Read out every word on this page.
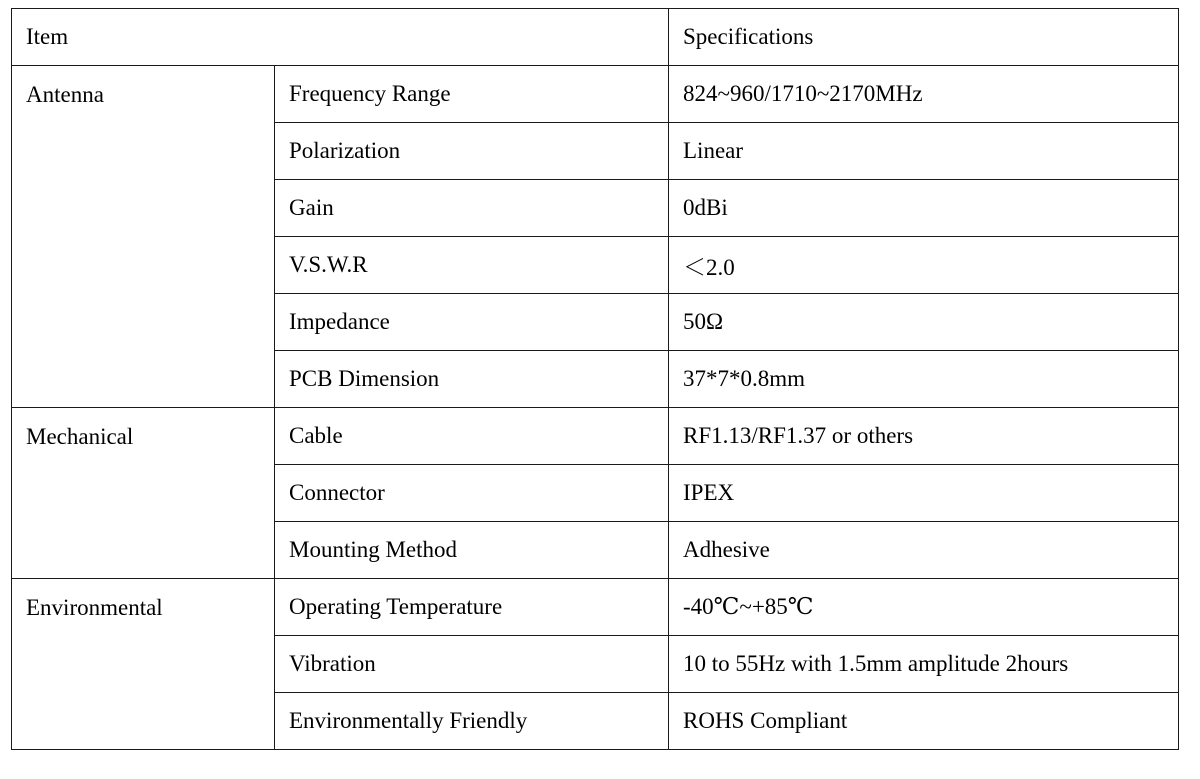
Item		Specifications
Antenna	Frequency Range	824~960/1710~2170MHz
	Polarization	Linear
	Gain	0dBi
	V.S.W.R	＜2.0
	Impedance	50Ω
	PCB Dimension	37*7*0.8mm
Mechanical	Cable	RF1.13/RF1.37 or others
	Connector	IPEX
	Mounting Method	Adhesive
Environmental	Operating Temperature	-40℃~+85℃
	Vibration	10 to 55Hz with 1.5mm amplitude 2hours
	Environmentally Friendly	ROHS Compliant
